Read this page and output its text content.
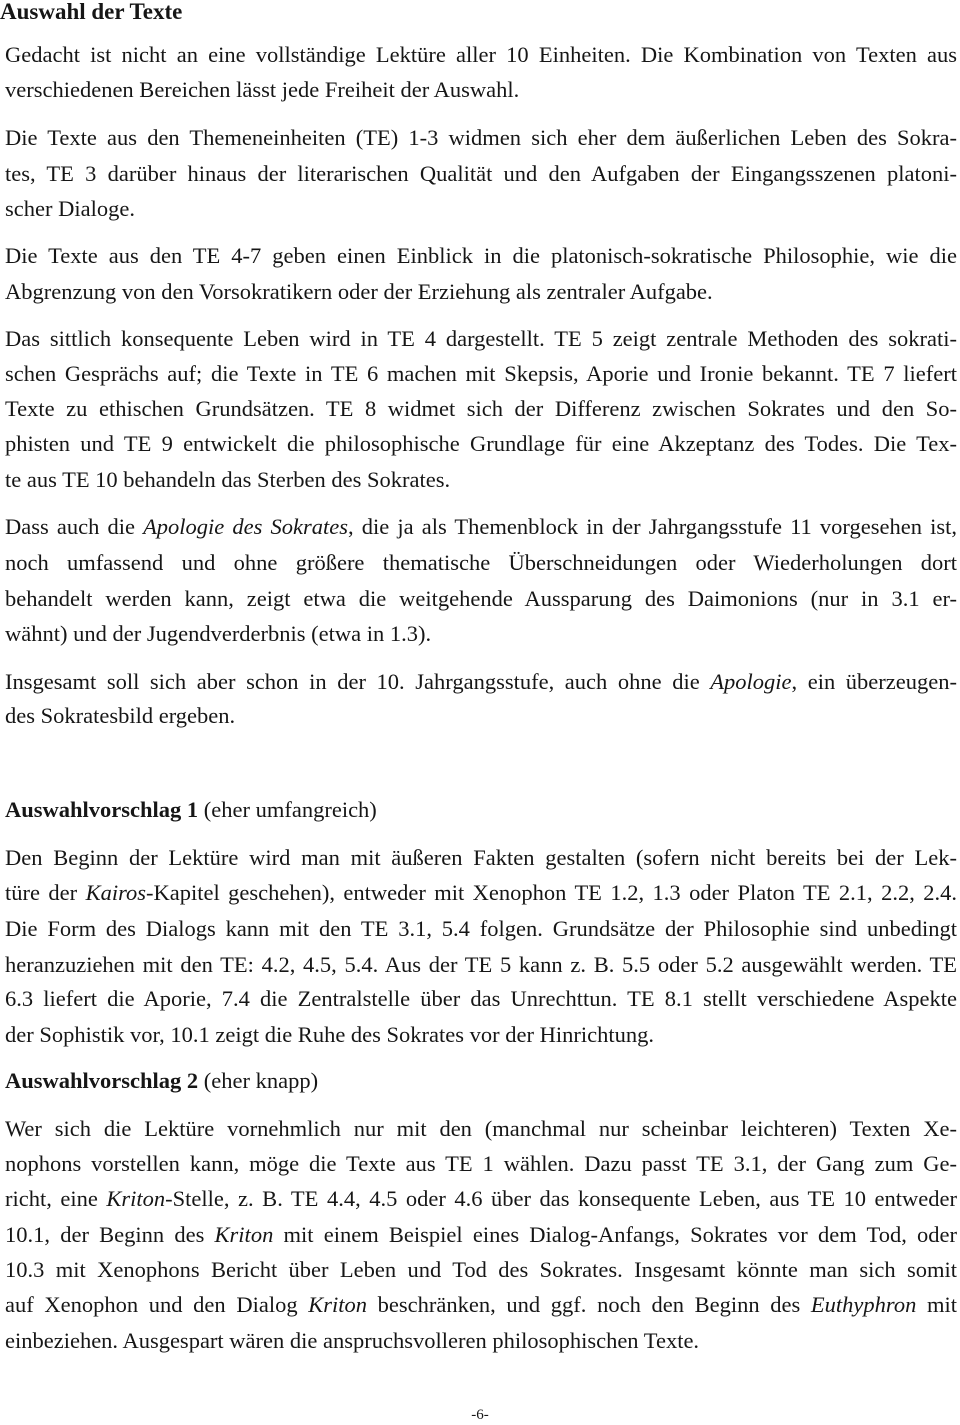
Auswahl der Texte
Gedacht ist nicht an eine vollständige Lektüre aller 10 Einheiten. Die Kombination von Texten aus
verschiedenen Bereichen lässt jede Freiheit der Auswahl.
Die Texte aus den Themeneinheiten (TE) 1-3 widmen sich eher dem äußerlichen Leben des Sokra-
tes, TE 3 darüber hinaus der literarischen Qualität und den Aufgaben der Eingangsszenen platoni-
scher Dialoge.
Die Texte aus den TE 4-7 geben einen Einblick in die platonisch-sokratische Philosophie, wie die
Abgrenzung von den Vorsokratikern oder der Erziehung als zentraler Aufgabe.
Das sittlich konsequente Leben wird in TE 4 dargestellt. TE 5 zeigt zentrale Methoden des sokrati-
schen Gesprächs auf; die Texte in TE 6 machen mit Skepsis, Aporie und Ironie bekannt. TE 7 liefert
Texte zu ethischen Grundsätzen. TE 8 widmet sich der Differenz zwischen Sokrates und den So-
phisten und TE 9 entwickelt die philosophische Grundlage für eine Akzeptanz des Todes. Die Tex-
te aus TE 10 behandeln das Sterben des Sokrates.
Dass auch die Apologie des Sokrates, die ja als Themenblock in der Jahrgangsstufe 11 vorgesehen ist,
noch umfassend und ohne größere thematische Überschneidungen oder Wiederholungen dort
behandelt werden kann, zeigt etwa die weitgehende Aussparung des Daimonions (nur in 3.1 er-
wähnt) und der Jugendverderbnis (etwa in 1.3).
Insgesamt soll sich aber schon in der 10. Jahrgangsstufe, auch ohne die Apologie, ein überzeugen-
des Sokratesbild ergeben.
Auswahlvorschlag 1 (eher umfangreich)
Den Beginn der Lektüre wird man mit äußeren Fakten gestalten (sofern nicht bereits bei der Lek-
türe der Kairos-Kapitel geschehen), entweder mit Xenophon TE 1.2, 1.3 oder Platon TE 2.1, 2.2, 2.4.
Die Form des Dialogs kann mit den TE 3.1, 5.4 folgen. Grundsätze der Philosophie sind unbedingt
heranzuziehen mit den TE: 4.2, 4.5, 5.4. Aus der TE 5 kann z. B. 5.5 oder 5.2 ausgewählt werden. TE
6.3 liefert die Aporie, 7.4 die Zentralstelle über das Unrechttun. TE 8.1 stellt verschiedene Aspekte
der Sophistik vor, 10.1 zeigt die Ruhe des Sokrates vor der Hinrichtung.
Auswahlvorschlag 2 (eher knapp)
Wer sich die Lektüre vornehmlich nur mit den (manchmal nur scheinbar leichteren) Texten Xe-
nophons vorstellen kann, möge die Texte aus TE 1 wählen. Dazu passt TE 3.1, der Gang zum Ge-
richt, eine Kriton-Stelle, z. B. TE 4.4, 4.5 oder 4.6 über das konsequente Leben, aus TE 10 entweder
10.1, der Beginn des Kriton mit einem Beispiel eines Dialog-Anfangs, Sokrates vor dem Tod, oder
10.3 mit Xenophons Bericht über Leben und Tod des Sokrates. Insgesamt könnte man sich somit
auf Xenophon und den Dialog Kriton beschränken, und ggf. noch den Beginn des Euthyphron mit
einbeziehen. Ausgespart wären die anspruchsvolleren philosophischen Texte.
-6-
